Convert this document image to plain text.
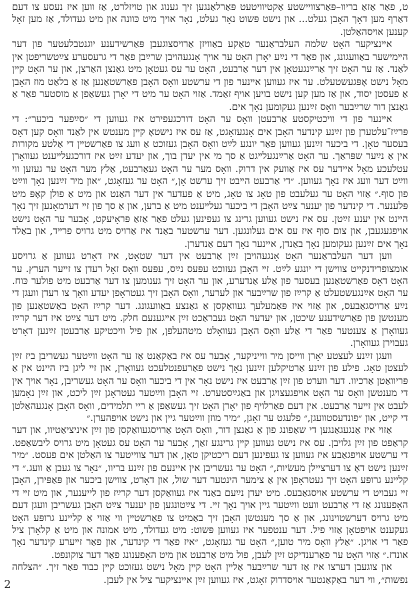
ט, פאַר אַזאַ בריוו–פּאַרצוויישטע אַקטיוויטעט פּאַרלאַנגען זיך גענוג און טויזלרט, אַז ווען איז נעסע צו דעם דאַרף מען דאָך האָבן געלט... און נישט פּשוט נאָר געלט, נאָר אויך מיט כּוונה און מיט געדולד, אַז מען זאָל קענען אויסהאַלטן.

אײנציקער האָט שלמה העלבראַנער טאַקע באַוויזן אַרויסצוגעבן פּאַרשידענע יוגנטבלעטער פון דער הײמישער באַוועגונג, און פאַר די נײַע יאָרן האָט ער אויך אָנגעהויבן שרײַבן פאַר די גרעסערע צײַטשריפטן אין לאַנד. אַז ער האָט זיך אַרײַנגעטאָן אין דער אַרבעט, האָט ער עס געטאָן מיט גאַנצן האַרצן, און ער האָט קײן מאָל נישט אָפּגעשטעלט. ער איז געווען אײנער פון די ערשטע וואָס האָבן פאַרשטאַנען אַז אַ בלאַט מוז האָבן אַ פעסטן יסוד, און אַז מען קען נישט בויען אויף זאַמד. אַזוי האָט ער מיט די יאָרן געשאַפן אַ מוסטער פאַר אַ גאַנצן דור שרײַבער וואָס זײַנען געקומען נאָך אים.

אײנער פון די וויכטיקסטע אַרבעטן וואָס ער האָט דורכגעפירט איז געווען די ״סײַפער ביכער״: די פּרײַז־עלטערן פון זײַנע קינדער האָבן אים אָנגעזאָגט, אַז עס איז נישטאָ קײן מענטש אין לאַנד וואָס קען דאָס בעסער טאָן. די ביכער זײַנען געווען פאַר יונגע לײַט וואָס האָבן געזוכט אַ וועג צו פאַרשטײן די אַלטע מקורות אין אַ נײַער שפּראַך. ער האָט אַרײַנגעלײגט אַ סך מי אין יעדן בוך, און יעדע זײַט איז דורכגעלײענט געוואָרן עטלעכע מאָל איידער עס איז אַוועק אין דרוק. וואָס מער ער האָט געאַרבעט, אַלץ מער האָט ער געזען ווי ווײַט דער וועג איז נאָך געווען. ״די אַרבעט הײבט זיך ערשט אָן,״ האָט ער געזאָגט, ״און מיר זײַנען נאָך ווײַט פון סוף.״ אַזוי האָט ער געלעבט פון טאָג צו טאָג, מיט אַ פעדער אין דער האַנט און מיט אַ פולן קאָפּ מיט פּלענער. די קינדער פון יענער צײַט האָבן די ביכער געלײענט מיט אַ ברען, און אַ סך פון זײ דערמאָנען זיך נאָך היינט אין יענע זײַטן. עס איז נישט געווען גרינג צו געפינען געלט פאַר אַזאַ פּראָיעקט, אָבער ער האָט נישט אויפגעגעבן, און צום סוף איז עס אים געלונגען. דער ערשטער באַנד איז אַרויס מיט גרויס פרײד, און באַלד נאָך אים זײַנען געקומען נאָך באַנדן, איינער נאָך דעם אַנדערן.

ווען דער העלבראַנער האָט אָנגעהויבן זײַן אַרבעט אין דער שטאָט, איז דאָרט געווען אַ גרויסע אומצופרידנקייט צווישן די יונגע לײַט. זײ האָבן געזוכט עפּעס נײַס, עפּעס וואָס זאָל רעדן צו זײער הערץ. ער האָט דאָס פאַרשטאַנען בעסער פון אַלע אַנדערע, און ער האָט זיך גענומען צו דער אַרבעט מיט פולער כּוח. ער האָט אײַנגעשטעלט אַ קרײַז פון שרײַבער און לערער, וואָס האָבן זיך געטראָפן יעדע וואָך צו רעדן וועגן די נײַע אַרויסגאַבעס, און אַזוי איז פּאַמעלעך געוואַקסן אַ גאַנצע באַוועגונג. דער קרײַז האָט באַשטאַנען פון מענטשן פון פאַרשידענע שיכטן, און יעדער האָט געבראַכט זײַן אײגענעם חלק. מיט דער צײַט איז דער קרײַז געוואָרן אַ צענטער פאַר די אַלע וואָס האָבן געוואָלט מיטהעלפן, און פיל וויכטיקע אַרבעטן זײַנען דאָרט געבוירן געוואָרן.

וועגן זײַנע לעצטע יאָרן ווייסן מיר ווייניקער, אָבער עס איז באַקאַנט אַז ער האָט ווײַטער געשריבן ביז זײַן לעצטן טאָג. פילע פון זײַנע אַרטיקלען זײַנען נאָך נישט פאַרעפנטלעכט געוואָרן, און זײ ליגן ביז היינט אין אַ פּריוואַטן אַרכיוו. דער ווערט פון זײַן אַרבעט איז נישט נאָר אין די ביכער וואָס ער האָט געשריבן, נאָר אויך אין די מענטשן וואָס ער האָט אויפגעצויגן און באַגײַסטערט. זײ האָבן ווײַטער געטראָגן זײַן ליכט, און זײַן נאָמען לעבט אין זײער אַרבעט. אין דעם פאַרלויף פון יאָרן האָט זיך געשאַפן אַ ריי תלמידים, וואָס האָבן אָנגעהאַלטן די קייט, און ״פונדעסטוועגן,״ פלעגט ער זאָגן, ״מיר מוזן ווײַטער גיין און נישט אויפהערן.״

אַזוי איז אַנגעגאַנגען די שאַפונג פון אַ גאַנצן דור, וואָס האָט אַרויסגעוואַקסן פון זײַן איניציאַטיוו, און דער קראַפט פון זײַן גלויבן. עס איז נישט געווען קײן גרינגע זאַך, אָבער ער האָט עס געטאָן מיט גרויס ליבשאַפט. די ערשטע אויפגאַבע איז געווען צו געפינען דעם ריכטיקן טאָן, און דער צווייטער צו האַלטן אים פעסט. ״מיר זײַנען נישט דאָ צו דערציילן מעשׂיות,״ האָט ער געשריבן אין איינעם פון זײַנע בריוו, ״נאָר צו געבן אַ וועג.״ די קליינע גרופּע האָט זיך געטראָפן אין אַ צימער הינטער דער שול, און דאָרט, צווישן ביכער און פּאַפּירן, האָבן זײ געבויט די ערשטע אויסגאַבעס. מיט יעדן נײַעם באַנד איז געוואַקסן דער קרײַז פון לייענער, און מיט זײ די האָפענונג אַז די אַרבעט וועט ווײַטער גיין אויך נאָך זײ. די צײַטונגען פון יענער צײַט האָבן געשריבן וועגן דעם מיט גרויס דערשטוינונג, און אַ סך מענטשן האָבן זיך באַמיט צו פאַרשטײן ווי אַזוי אַ קליינע גרופּע האָט געקענט אויפטאָן אַזוי פיל. דער ענטפער איז געווען פּשוט: מיט געדולד, מיט אמונה און מיט אַ קלאָרן ציל פאַר די אויגן. ״אַלץ וואָס מיר טוען,״ האָט ער געזאָגט, ״איז פאַר די קינדער, און פאַר זײערע קינדער נאָך אונדז.״ אַזוי האָט ער פאַרענדיקט זײַן לעבן, פול מיט אַרבעט און מיט האָפענונג פאַר דער צוקונפט.

און צוגעבן דערצו איז אַז דער שרײַבער אַלײן האָט קײן מאָל נישט געזוכט קײן כבוד פאַר זיך. ״הצלחה נפשות״, ווי דער באַקאַנטער אויסדרוק זאָגט, איז געווען זײַן איינציקער ציל אין לעבן.

2
